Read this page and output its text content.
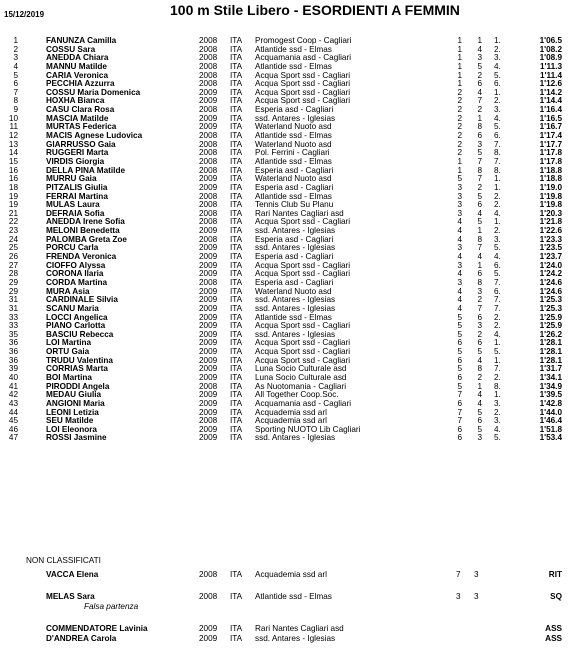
15/12/2019	100 m Stile Libero - ESORDIENTI A FEMMIN
1	FANUNZA Camilla	2008 ITA Promogest Coop - Cagliari	1	1 1.	1'06.5
2	COSSU Sara	2008 ITA Atlantide ssd - Elmas	1	4 2.	1'08.2
3	ANEDDA Chiara	2008 ITA Acquamania asd - Cagliari	1	3 3.	1'08.9
4	MANNU Matilde	2008 ITA Atlantide ssd - Elmas	1	5 4.	1'11.3
5	CARIA Veronica	2008 ITA Acqua Sport ssd - Cagliari	1	2 5.	1'11.4
6	PECCHIA Azzurra	2008 ITA Acqua Sport ssd - Cagliari	1	6 6.	1'12.6
7	COSSU Maria Domenica	2009 ITA Acqua Sport ssd - Cagliari	2	4 1.	1'14.2
8	HOXHA Bianca	2009 ITA Acqua Sport ssd - Cagliari	2	7 2.	1'14.4
9	CASU Clara Rosa	2008 ITA Esperia asd - Cagliari	2	2 3.	1'16.4
10	MASCIA Matilde	2009 ITA ssd. Antares - Iglesias	2	1 4.	1'16.5
11	MURTAS Federica	2009 ITA Waterland Nuoto asd	2	8 5.	1'16.7
12	MACIS Agnese Ludovica	2008 ITA Atlantide ssd - Elmas	2	6 6.	1'17.4
13	GIARRUSSO Gaia	2008 ITA Waterland Nuoto asd	2	3 7.	1'17.7
14	RUGGERI Marta	2008 ITA Pol. Ferrini - Cagliari	2	5 8.	1'17.8
15	VIRDIS Giorgia	2008 ITA Atlantide ssd - Elmas	1	7 7.	1'17.8
16	DELLA PINA Matilde	2008 ITA Esperia asd - Cagliari	1	8 8.	1'18.8
16	MURRU Gaia	2009 ITA Waterland Nuoto asd	5	7 1.	1'18.8
18	PITZALIS Giulia	2009 ITA Esperia asd - Cagliari	3	2 1.	1'19.0
19	FERRAI Martina	2008 ITA Atlantide ssd - Elmas	3	5 2.	1'19.8
19	MULAS Laura	2008 ITA Tennis Club Su Planu	3	6 2.	1'19.8
21	DEFRAIA Sofia	2008 ITA Rari Nantes Cagliari asd	3	4 4.	1'20.3
22	ANEDDA Irene Sofia	2008 ITA Acqua Sport ssd - Cagliari	4	5 1.	1'21.8
23	MELONI Benedetta	2009 ITA ssd. Antares - Iglesias	4	1 2.	1'22.6
24	PALOMBA Greta Zoe	2008 ITA Esperia asd - Cagliari	4	8 3.	1'23.3
25	PORCU Carla	2009 ITA ssd. Antares - Iglesias	3	7 5.	1'23.5
26	FRENDA Veronica	2009 ITA Esperia asd - Cagliari	4	4 4.	1'23.7
27	CIOFFO Alyssa	2009 ITA Acqua Sport ssd - Cagliari	3	1 6.	1'24.0
28	CORONA Ilaria	2009 ITA Acqua Sport ssd - Cagliari	4	6 5.	1'24.2
29	CORDA Martina	2008 ITA Esperia asd - Cagliari	3	8 7.	1'24.6
29	MURA Asia	2009 ITA Waterland Nuoto asd	4	3 6.	1'24.6
31	CARDINALE Silvia	2009 ITA ssd. Antares - Iglesias	4	2 7.	1'25.3
31	SCANU Maria	2009 ITA ssd. Antares - Iglesias	4	7 7.	1'25.3
33	LOCCI Angelica	2009 ITA Atlantide ssd - Elmas	5	6 2.	1'25.9
33	PIANO Carlotta	2009 ITA Acqua Sport ssd - Cagliari	5	3 2.	1'25.9
35	BASCIU Rebecca	2009 ITA ssd. Antares - Iglesias	5	2 4.	1'26.2
36	LOI Martina	2009 ITA Acqua Sport ssd - Cagliari	6	6 1.	1'28.1
36	ORTU Gaia	2009 ITA Acqua Sport ssd - Cagliari	5	5 5.	1'28.1
36	TRUDU Valentina	2009 ITA Acqua Sport ssd - Cagliari	6	4 1.	1'28.1
39	CORRIAS Marta	2009 ITA Luna Socio Culturale asd	5	8 7.	1'31.7
40	BOI Martina	2009 ITA Luna Socio Culturale asd	6	2 2.	1'34.1
41	PIRODDI Angela	2008 ITA As Nuotomania - Cagliari	5	1 8.	1'34.9
42	MEDAU Giulia	2009 ITA All Together Coop.Soc.	7	4 1.	1'39.5
43	ANGIONI Maria	2009 ITA Acquamania asd - Cagliari	6	4 3.	1'42.8
44	LEONI Letizia	2009 ITA Acquademia ssd arl	7	5 2.	1'44.0
45	SEU Matilde	2008 ITA Acquademia ssd arl	7	6 3.	1'46.4
46	LOI Eleonora	2009 ITA Sporting NUOTO Lib Cagliari	6	5 4.	1'51.8
47	ROSSI Jasmine	2009 ITA ssd. Antares - Iglesias	6	3 5.	1'53.4
NON CLASSIFICATI
VACCA Elena	2008 ITA Acquademia ssd arl	7 3	RIT
MELAS Sara	2008 ITA Atlantide ssd - Elmas	3 3	SQ
COMMENDATORE Lavinia	2009 ITA Rari Nantes Cagliari asd	ASS
D'ANDREA Carola	2009 ITA ssd. Antares - Iglesias	ASS
Falsa partenza
